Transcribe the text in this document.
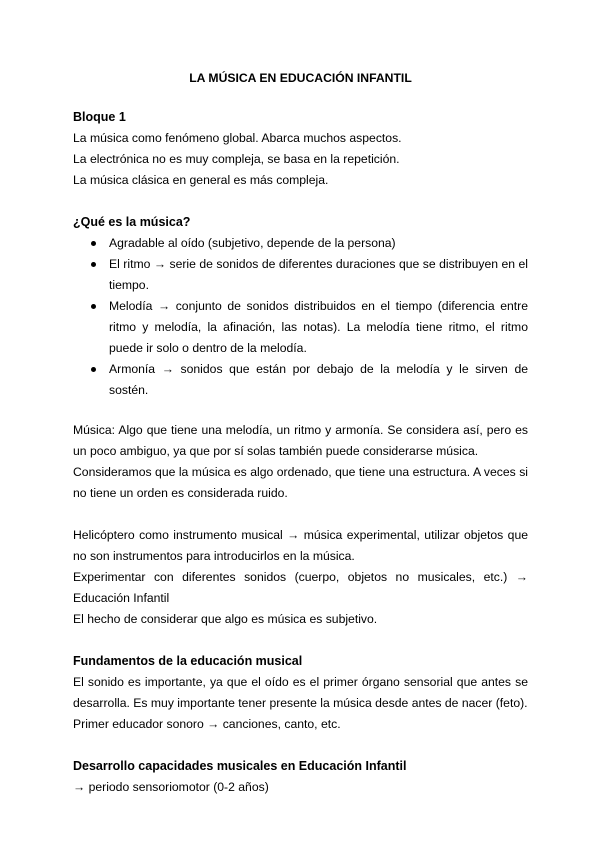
LA MÚSICA EN EDUCACIÓN INFANTIL

Bloque 1

La música como fenómeno global. Abarca muchos aspectos.

La electrónica no es muy compleja, se basa en la repetición.

La música clásica en general es más compleja.

¿Qué es la música?

Agradable al oído (subjetivo, depende de la persona)
El ritmo → serie de sonidos de diferentes duraciones que se distribuyen en el tiempo.
Melodía → conjunto de sonidos distribuidos en el tiempo (diferencia entre ritmo y melodía, la afinación, las notas). La melodía tiene ritmo, el ritmo puede ir solo o dentro de la melodía.
Armonía → sonidos que están por debajo de la melodía y le sirven de sostén.

Música: Algo que tiene una melodía, un ritmo y armonía. Se considera así, pero es un poco ambiguo, ya que por sí solas también puede considerarse música.

Consideramos que la música es algo ordenado, que tiene una estructura. A veces si no tiene un orden es considerada ruido.

Helicóptero como instrumento musical → música experimental, utilizar objetos que no son instrumentos para introducirlos en la música.

Experimentar con diferentes sonidos (cuerpo, objetos no musicales, etc.) → Educación Infantil

El hecho de considerar que algo es música es subjetivo.

Fundamentos de la educación musical

El sonido es importante, ya que el oído es el primer órgano sensorial que antes se desarrolla. Es muy importante tener presente la música desde antes de nacer (feto).

Primer educador sonoro → canciones, canto, etc.

Desarrollo capacidades musicales en Educación Infantil

→ periodo sensoriomotor (0-2 años)
